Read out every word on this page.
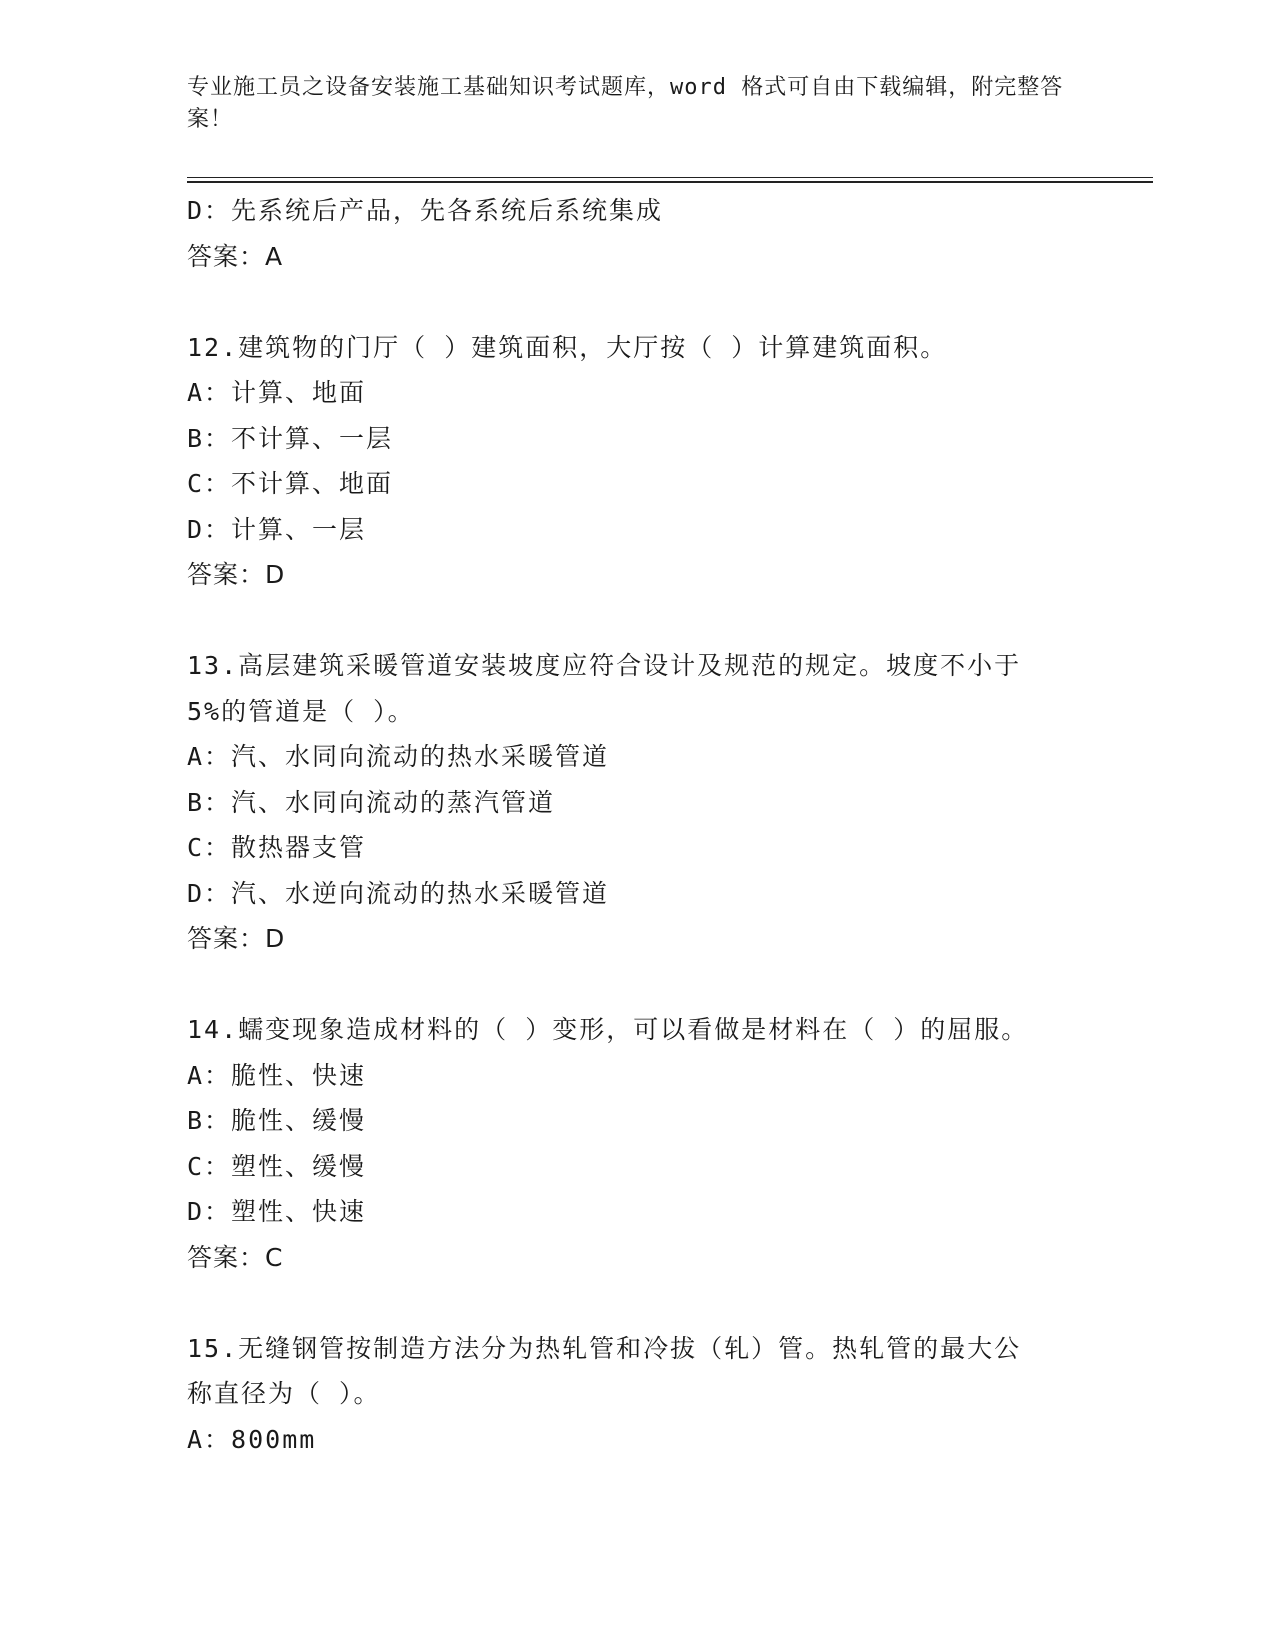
专业施工员之设备安装施工基础知识考试题库，word 格式可自由下载编辑，附完整答案！
D：先系统后产品，先各系统后系统集成
答案：A
12.建筑物的门厅（ ）建筑面积，大厅按（ ）计算建筑面积。
A：计算、地面
B：不计算、一层
C：不计算、地面
D：计算、一层
答案：D
13.高层建筑采暖管道安装坡度应符合设计及规范的规定。坡度不小于
5%的管道是（ ）。
A：汽、水同向流动的热水采暖管道
B：汽、水同向流动的蒸汽管道
C：散热器支管
D：汽、水逆向流动的热水采暖管道
答案：D
14.蠕变现象造成材料的（ ）变形，可以看做是材料在（ ）的屈服。
A：脆性、快速
B：脆性、缓慢
C：塑性、缓慢
D：塑性、快速
答案：C
15.无缝钢管按制造方法分为热轧管和冷拔（轧）管。热轧管的最大公
称直径为（ ）。
A：800mm
